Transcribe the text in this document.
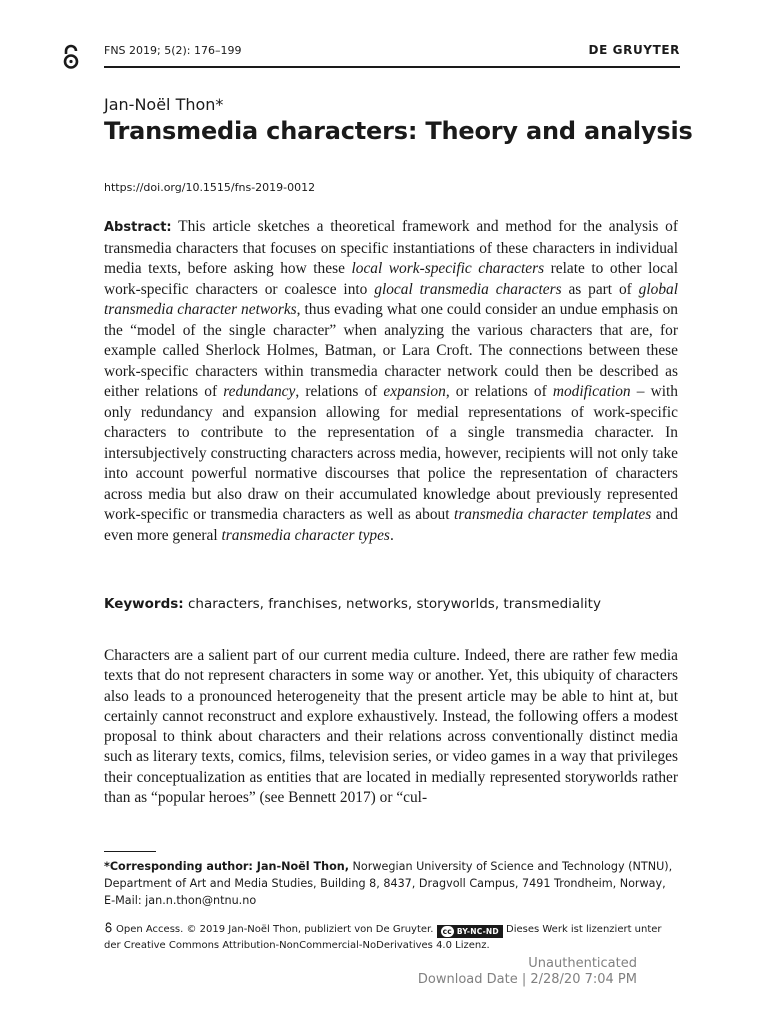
FNS 2019; 5(2): 176–199	DE GRUYTER
Jan-Noël Thon*
Transmedia characters: Theory and analysis
https://doi.org/10.1515/fns-2019-0012
Abstract: This article sketches a theoretical framework and method for the analysis of transmedia characters that focuses on specific instantiations of these characters in individual media texts, before asking how these local work-specific characters relate to other local work-specific characters or coalesce into glocal transmedia characters as part of global transmedia character networks, thus evading what one could consider an undue emphasis on the “model of the single character” when analyzing the various characters that are, for example called Sherlock Holmes, Batman, or Lara Croft. The connections between these work-specific characters within transmedia character network could then be described as either relations of redundancy, relations of expansion, or relations of modification – with only redundancy and expansion allowing for medial representations of work-specific characters to contribute to the representation of a single transmedia character. In intersubjectively constructing characters across media, however, recipients will not only take into account powerful normative discourses that police the representation of characters across media but also draw on their accumulated knowledge about previously represented work-specific or transmedia characters as well as about transmedia character templates and even more general transmedia character types.
Keywords: characters, franchises, networks, storyworlds, transmediality
Characters are a salient part of our current media culture. Indeed, there are rather few media texts that do not represent characters in some way or another. Yet, this ubiquity of characters also leads to a pronounced heterogeneity that the present article may be able to hint at, but certainly cannot reconstruct and explore exhaustively. Instead, the following offers a modest proposal to think about characters and their relations across conventionally distinct media such as literary texts, comics, films, television series, or video games in a way that privileges their conceptualization as entities that are located in medially represented storyworlds rather than as “popular heroes” (see Bennett 2017) or “cul-
*Corresponding author: Jan-Noël Thon, Norwegian University of Science and Technology (NTNU), Department of Art and Media Studies, Building 8, 8437, Dragvoll Campus, 7491 Trondheim, Norway, E-Mail: jan.n.thon@ntnu.no
Open Access. © 2019 Jan-Noël Thon, publiziert von De Gruyter. cc BY-NC-ND Dieses Werk ist lizenziert unter der Creative Commons Attribution-NonCommercial-NoDerivatives 4.0 Lizenz.
Unauthenticated
Download Date | 2/28/20 7:04 PM
